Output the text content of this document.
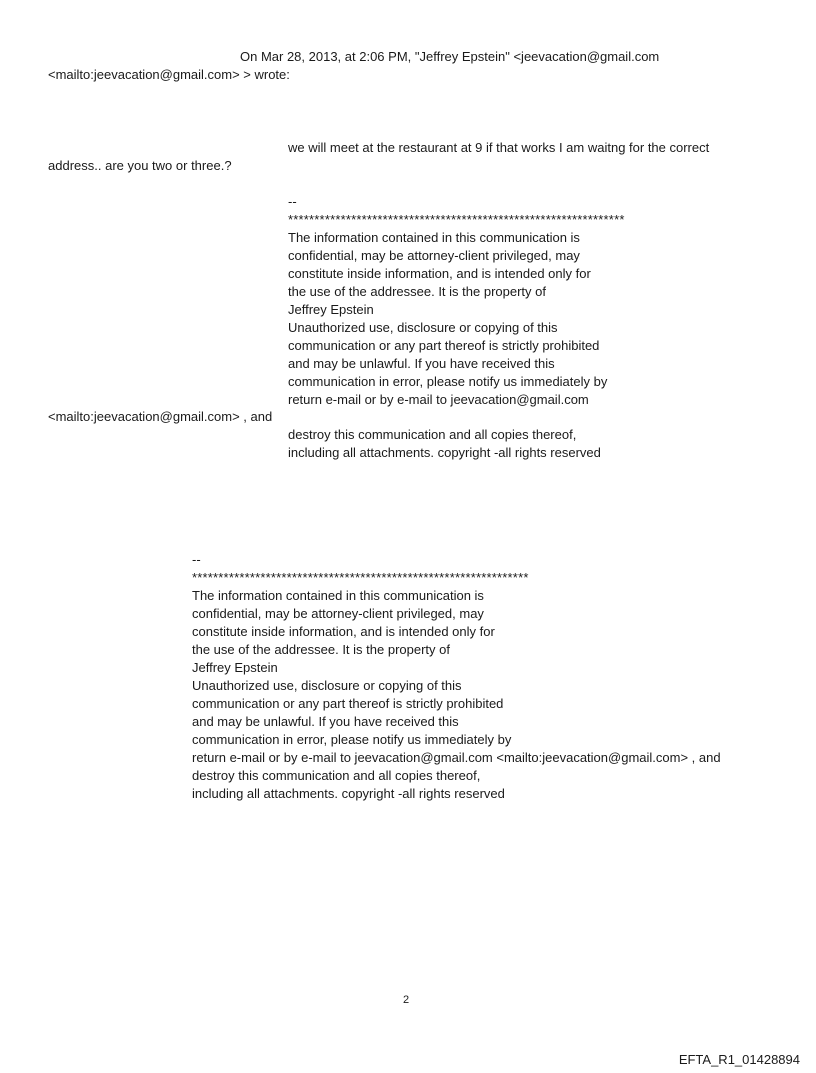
On Mar 28, 2013, at 2:06 PM, "Jeffrey Epstein" <jeevacation@gmail.com
<mailto:jeevacation@gmail.com> > wrote:
we will meet at the restaurant at 9 if that works I am waitng for the correct
address.. are you two or three.?
--
****************************************************************
The information contained in this communication is
confidential, may be attorney-client privileged, may
constitute inside information, and is intended only for
the use of the addressee. It is the property of
Jeffrey Epstein
Unauthorized use, disclosure or copying of this
communication or any part thereof is strictly prohibited
and may be unlawful. If you have received this
communication in error, please notify us immediately by
return e-mail or by e-mail to jeevacation@gmail.com
<mailto:jeevacation@gmail.com> , and
destroy this communication and all copies thereof,
including all attachments. copyright -all rights reserved
--
****************************************************************
The information contained in this communication is
confidential, may be attorney-client privileged, may
constitute inside information, and is intended only for
the use of the addressee. It is the property of
Jeffrey Epstein
Unauthorized use, disclosure or copying of this
communication or any part thereof is strictly prohibited
and may be unlawful. If you have received this
communication in error, please notify us immediately by
return e-mail or by e-mail to jeevacation@gmail.com <mailto:jeevacation@gmail.com> , and
destroy this communication and all copies thereof,
including all attachments. copyright -all rights reserved
2
EFTA_R1_01428894
